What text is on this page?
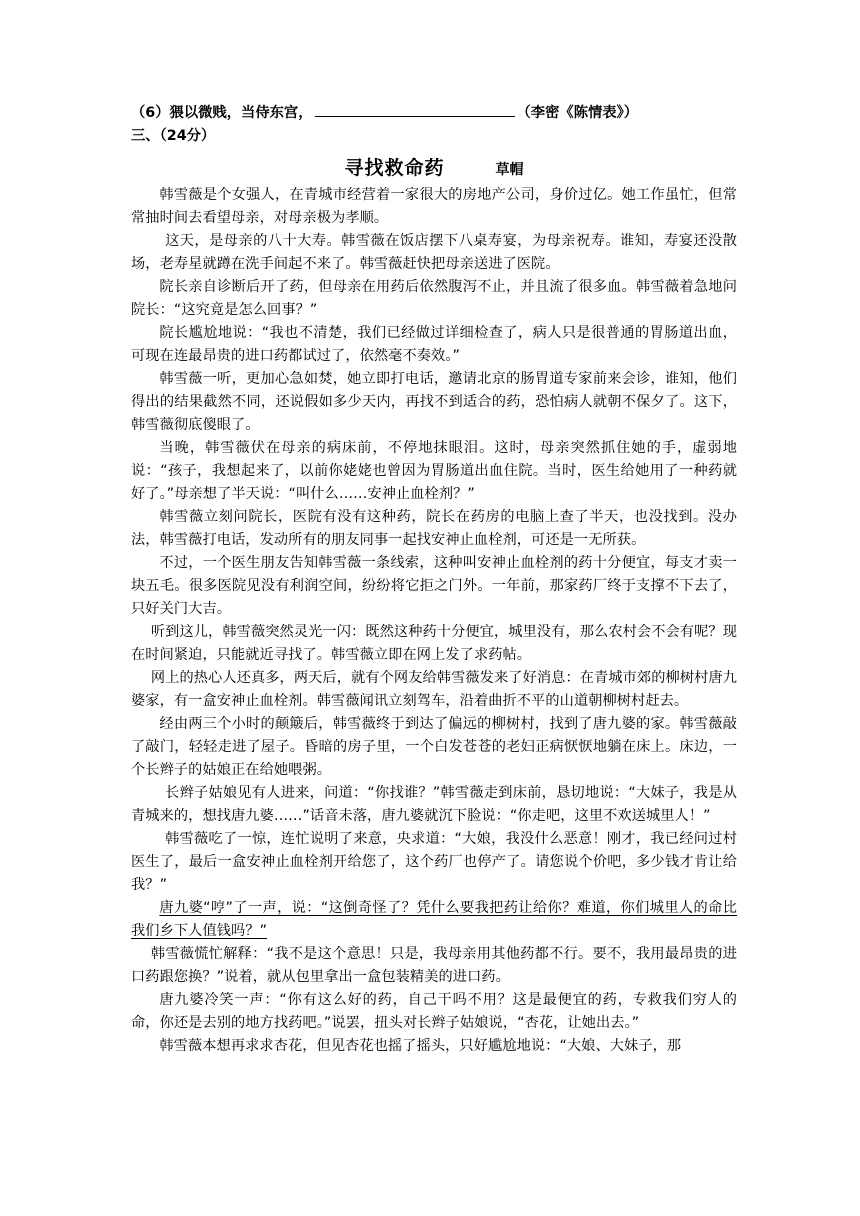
（6）猥以微贱，当侍东宫，	（李密《陈情表》）
三、（24分）
寻找救命药	草帽

韩雪薇是个女强人，在青城市经营着一家很大的房地产公司，身价过亿。她工作虽忙，但常常抽时间去看望母亲，对母亲极为孝顺。

这天，是母亲的八十大寿。韩雪薇在饭店摆下八桌寿宴，为母亲祝寿。谁知，寿宴还没散场，老寿星就蹲在洗手间起不来了。韩雪薇赶快把母亲送进了医院。

院长亲自诊断后开了药，但母亲在用药后依然腹泻不止，并且流了很多血。韩雪薇着急地问院长：“这究竟是怎么回事？”

院长尴尬地说：“我也不清楚，我们已经做过详细检查了，病人只是很普通的胃肠道出血，可现在连最昂贵的进口药都试过了，依然毫不奏效。”

韩雪薇一听，更加心急如焚，她立即打电话，邀请北京的肠胃道专家前来会诊，谁知，他们得出的结果截然不同，还说假如多少天内，再找不到适合的药，恐怕病人就朝不保夕了。这下，韩雪薇彻底傻眼了。

当晚，韩雪薇伏在母亲的病床前，不停地抹眼泪。这时，母亲突然抓住她的手，虚弱地说：“孩子，我想起来了，以前你姥姥也曾因为胃肠道出血住院。当时，医生给她用了一种药就好了。”母亲想了半天说：“叫什么……安神止血栓剂？”

韩雪薇立刻问院长，医院有没有这种药，院长在药房的电脑上查了半天，也没找到。没办法，韩雪薇打电话，发动所有的朋友同事一起找安神止血栓剂，可还是一无所获。

不过，一个医生朋友告知韩雪薇一条线索，这种叫安神止血栓剂的药十分便宜，每支才卖一块五毛。很多医院见没有利润空间，纷纷将它拒之门外。一年前，那家药厂终于支撑不下去了，只好关门大吉。

听到这儿，韩雪薇突然灵光一闪：既然这种药十分便宜，城里没有，那么农村会不会有呢？现在时间紧迫，只能就近寻找了。韩雪薇立即在网上发了求药帖。

网上的热心人还真多，两天后，就有个网友给韩雪薇发来了好消息：在青城市郊的柳树村唐九婆家，有一盒安神止血栓剂。韩雪薇闻讯立刻驾车，沿着曲折不平的山道朝柳树村赶去。

经由两三个小时的颠簸后，韩雪薇终于到达了偏远的柳树村，找到了唐九婆的家。韩雪薇敲了敲门，轻轻走进了屋子。昏暗的房子里，一个白发苍苍的老妇正病恹恹地躺在床上。床边，一个长辫子的姑娘正在给她喂粥。

长辫子姑娘见有人进来，问道：“你找谁？”韩雪薇走到床前，恳切地说：“大妹子，我是从青城来的，想找唐九婆……”话音未落，唐九婆就沉下脸说：“你走吧，这里不欢送城里人！”

韩雪薇吃了一惊，连忙说明了来意，央求道：“大娘，我没什么恶意！刚才，我已经问过村医生了，最后一盒安神止血栓剂开给您了，这个药厂也停产了。请您说个价吧，多少钱才肯让给我？”

唐九婆“哼”了一声，说：“这倒奇怪了？凭什么要我把药让给你？难道，你们城里人的命比我们乡下人值钱吗？”

韩雪薇慌忙解释：“我不是这个意思！只是，我母亲用其他药都不行。要不，我用最昂贵的进口药跟您换？”说着，就从包里拿出一盒包装精美的进口药。

唐九婆冷笑一声：“你有这么好的药，自己干吗不用？这是最便宜的药，专救我们穷人的命，你还是去别的地方找药吧。”说罢，扭头对长辫子姑娘说，“杏花，让她出去。”

韩雪薇本想再求求杏花，但见杏花也摇了摇头，只好尴尬地说：“大娘、大妹子，那
